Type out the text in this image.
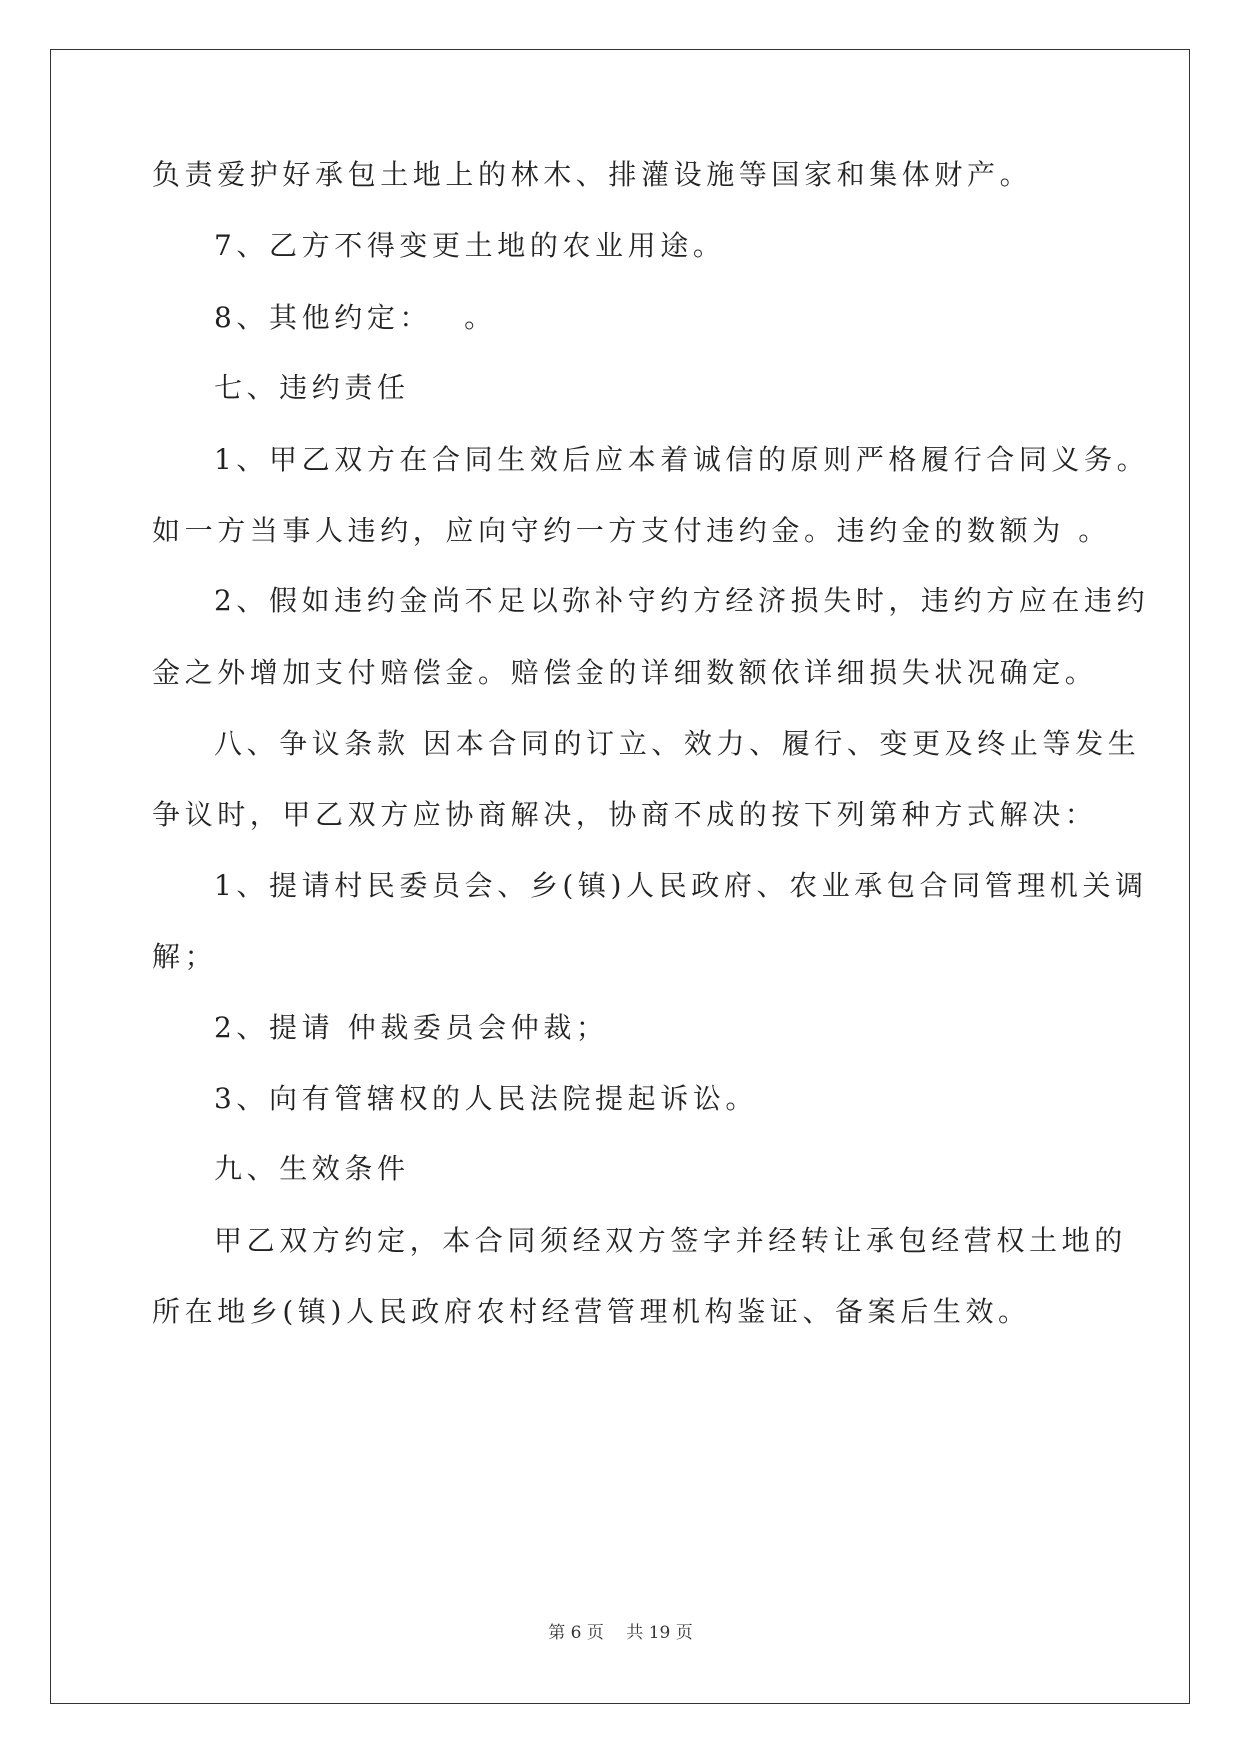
负责爱护好承包土地上的林木、排灌设施等国家和集体财产。
7、乙方不得变更土地的农业用途。
8、其他约定：　 。
七、违约责任
1、甲乙双方在合同生效后应本着诚信的原则严格履行合同义务。
如一方当事人违约，应向守约一方支付违约金。违约金的数额为 。
2、假如违约金尚不足以弥补守约方经济损失时，违约方应在违约
金之外增加支付赔偿金。赔偿金的详细数额依详细损失状况确定。
八、争议条款 因本合同的订立、效力、履行、变更及终止等发生
争议时，甲乙双方应协商解决，协商不成的按下列第种方式解决：
1、提请村民委员会、乡(镇)人民政府、农业承包合同管理机关调
解；
2、提请 仲裁委员会仲裁；
3、向有管辖权的人民法院提起诉讼。
九、生效条件
甲乙双方约定，本合同须经双方签字并经转让承包经营权土地的
所在地乡(镇)人民政府农村经营管理机构鉴证、备案后生效。
第 6 页　 共 19 页
